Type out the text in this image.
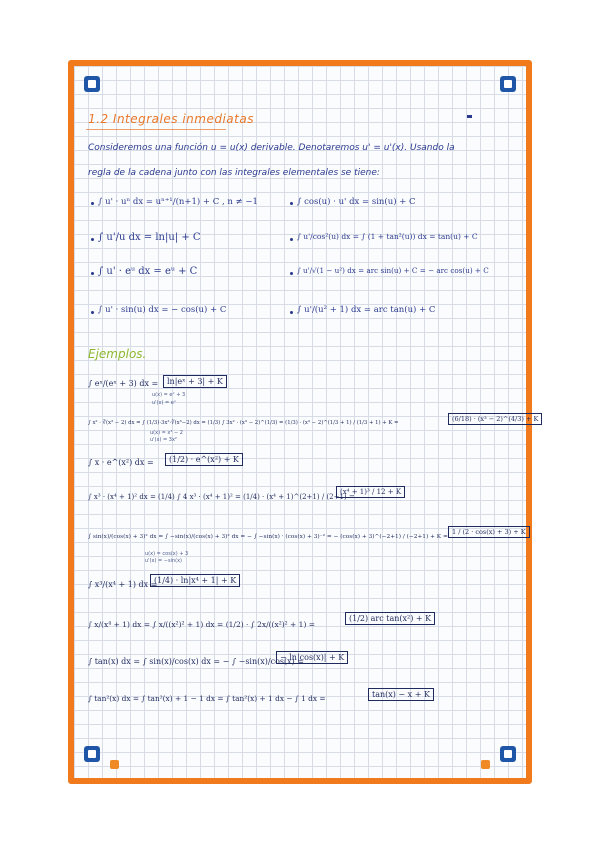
1.2 Integrales inmediatas
Consideremos una función u = u(x) derivable. Denotaremos u' = u'(x). Usando la
regla de la cadena junto con las integrales elementales se tiene:
∫ u' · uⁿ dx = uⁿ⁺¹/(n+1) + C , n ≠ −1
∫ u'/u dx = ln|u| + C
∫ u' · eᵘ dx = eᵘ + C
∫ u' · sin(u) dx = − cos(u) + C
∫ cos(u) · u' dx = sin(u) + C
∫ u'/cos²(u) dx = ∫ (1 + tan²(u)) dx = tan(u) + C
∫ u'/√(1 − u²) dx = arc sin(u) + C = − arc cos(u) + C
∫ u'/(u² + 1) dx = arc tan(u) + C
Ejemplos.
∫ eˣ/(eˣ + 3) dx =	ln|eˣ + 3| + K
u(x) = eˣ + 3
u'(x) = eˣ
∫ x² · ∛(x³ − 2) dx = ∫ (1/3)·3x²·∛(x³−2) dx = (1/3) ∫ 3x² · (x³ − 2)^(1/3) = (1/3) · (x³ − 2)^(1/3 + 1) / (1/3 + 1) + K =	(6/18) · (x³ − 2)^(4/3) + K
u(x) = x³ − 2
u'(x) = 3x²
∫ x · e^(x²) dx =	(1/2) · e^(x²) + K
∫ x³ · (x⁴ + 1)² dx = (1/4) ∫ 4 x³ · (x⁴ + 1)² = (1/4) · (x⁴ + 1)^(2+1) / (2+1) =
(x⁴ + 1)³ / 12 + K
∫ sin(x)/(cos(x) + 3)² dx = ∫ −sin(x)/(cos(x) + 3)² dx = − ∫ −sin(x) · (cos(x) + 3)⁻² = − (cos(x) + 3)^(−2+1) / (−2+1) + K =
1 / (2 · cos(x) + 3) + K
u(x) = cos(x) + 3
u'(x) = −sin(x)
∫ x³/(x⁴ + 1) dx =
(1/4) · ln|x⁴ + 1| + K
∫ x/(x⁴ + 1) dx = ∫ x/((x²)² + 1) dx = (1/2) · ∫ 2x/((x²)² + 1) =
(1/2) arc tan(x²) + K
∫ tan(x) dx = ∫ sin(x)/cos(x) dx = − ∫ −sin(x)/cos(x) =
− ln|cos(x)| + K
∫ tan²(x) dx = ∫ tan²(x) + 1 − 1 dx = ∫ tan²(x) + 1 dx − ∫ 1 dx =	tan(x) − x + K
